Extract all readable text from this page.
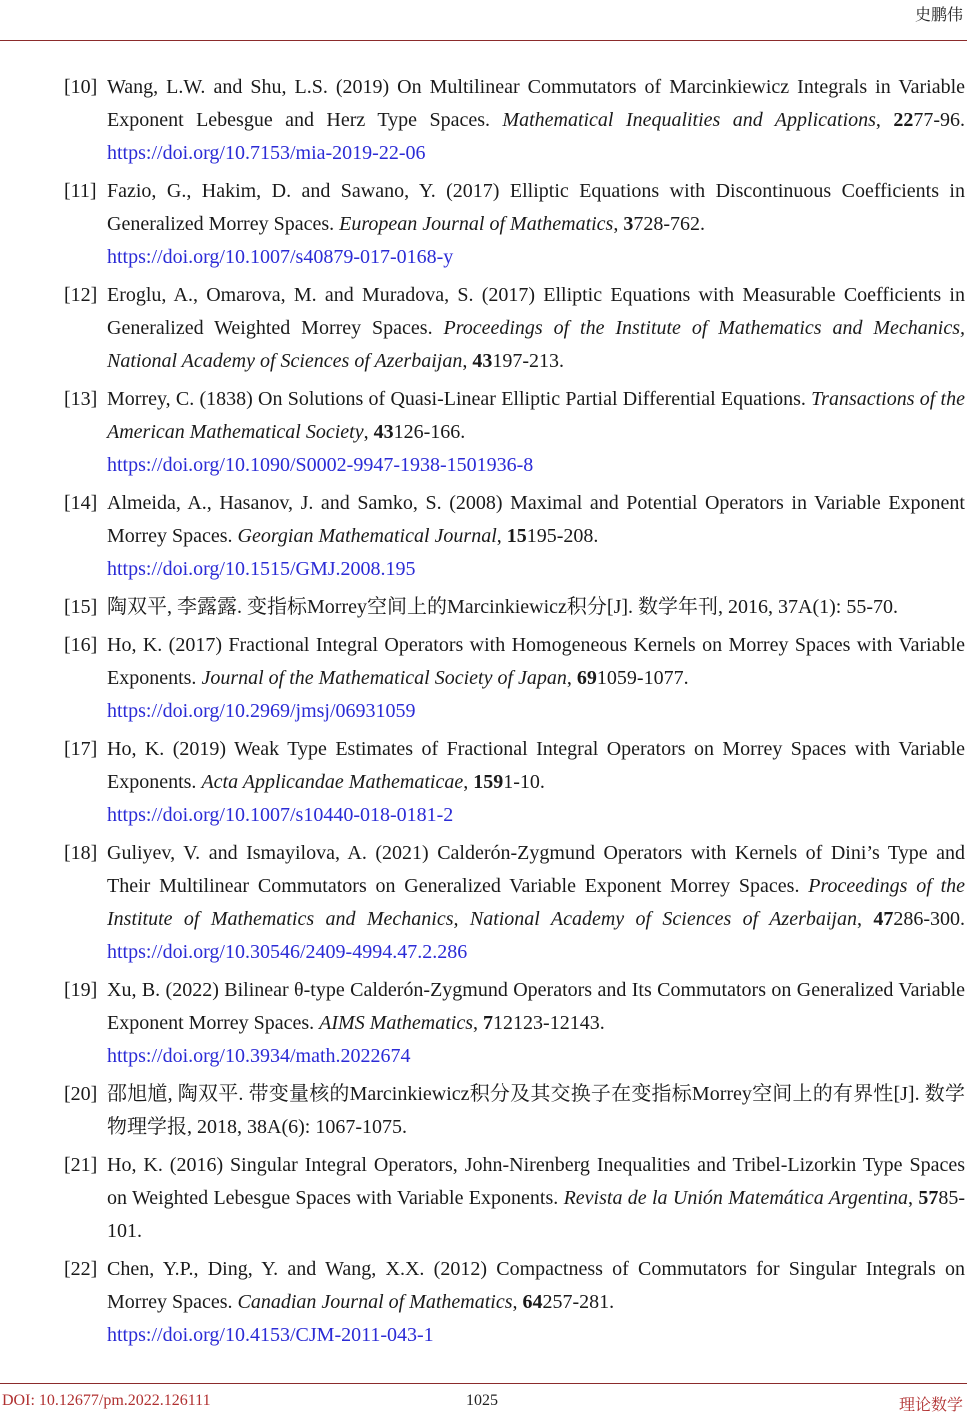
史鹏伟
[10] Wang, L.W. and Shu, L.S. (2019) On Multilinear Commutators of Marcinkiewicz Integrals in Variable Exponent Lebesgue and Herz Type Spaces. Mathematical Inequalities and Applications, 2277-96. https://doi.org/10.7153/mia-2019-22-06
[11] Fazio, G., Hakim, D. and Sawano, Y. (2017) Elliptic Equations with Discontinuous Coefficients in Generalized Morrey Spaces. European Journal of Mathematics, 3728-762.
https://doi.org/10.1007/s40879-017-0168-y
[12] Eroglu, A., Omarova, M. and Muradova, S. (2017) Elliptic Equations with Measurable Coefficients in Generalized Weighted Morrey Spaces. Proceedings of the Institute of Mathematics and Mechanics, National Academy of Sciences of Azerbaijan, 43197-213.
[13] Morrey, C. (1838) On Solutions of Quasi-Linear Elliptic Partial Differential Equations. Transactions of the American Mathematical Society, 43126-166.
https://doi.org/10.1090/S0002-9947-1938-1501936-8
[14] Almeida, A., Hasanov, J. and Samko, S. (2008) Maximal and Potential Operators in Variable Exponent Morrey Spaces. Georgian Mathematical Journal, 15195-208.
https://doi.org/10.1515/GMJ.2008.195
[15] 陶双平, 李露露. 变指标Morrey空间上的Marcinkiewicz积分[J]. 数学年刊, 2016, 37A(1): 55-70.
[16] Ho, K. (2017) Fractional Integral Operators with Homogeneous Kernels on Morrey Spaces with Variable Exponents. Journal of the Mathematical Society of Japan, 691059-1077.
https://doi.org/10.2969/jmsj/06931059
[17] Ho, K. (2019) Weak Type Estimates of Fractional Integral Operators on Morrey Spaces with Variable Exponents. Acta Applicandae Mathematicae, 1591-10.
https://doi.org/10.1007/s10440-018-0181-2
[18] Guliyev, V. and Ismayilova, A. (2021) Calderón-Zygmund Operators with Kernels of Dini’s Type and Their Multilinear Commutators on Generalized Variable Exponent Morrey Spaces. Proceedings of the Institute of Mathematics and Mechanics, National Academy of Sciences of Azerbaijan, 47286-300. https://doi.org/10.30546/2409-4994.47.2.286
[19] Xu, B. (2022) Bilinear θ-type Calderón-Zygmund Operators and Its Commutators on Generalized Variable Exponent Morrey Spaces. AIMS Mathematics, 712123-12143.
https://doi.org/10.3934/math.2022674
[20] 邵旭馗, 陶双平. 带变量核的Marcinkiewicz积分及其交换子在变指标Morrey空间上的有界性[J]. 数学物理学报, 2018, 38A(6): 1067-1075.
[21] Ho, K. (2016) Singular Integral Operators, John-Nirenberg Inequalities and Tribel-Lizorkin Type Spaces on Weighted Lebesgue Spaces with Variable Exponents. Revista de la Unión Matemática Argentina, 5785-101.
[22] Chen, Y.P., Ding, Y. and Wang, X.X. (2012) Compactness of Commutators for Singular Integrals on Morrey Spaces. Canadian Journal of Mathematics, 64257-281.
https://doi.org/10.4153/CJM-2011-043-1
DOI: 10.12677/pm.2022.126111	1025	理论数学
